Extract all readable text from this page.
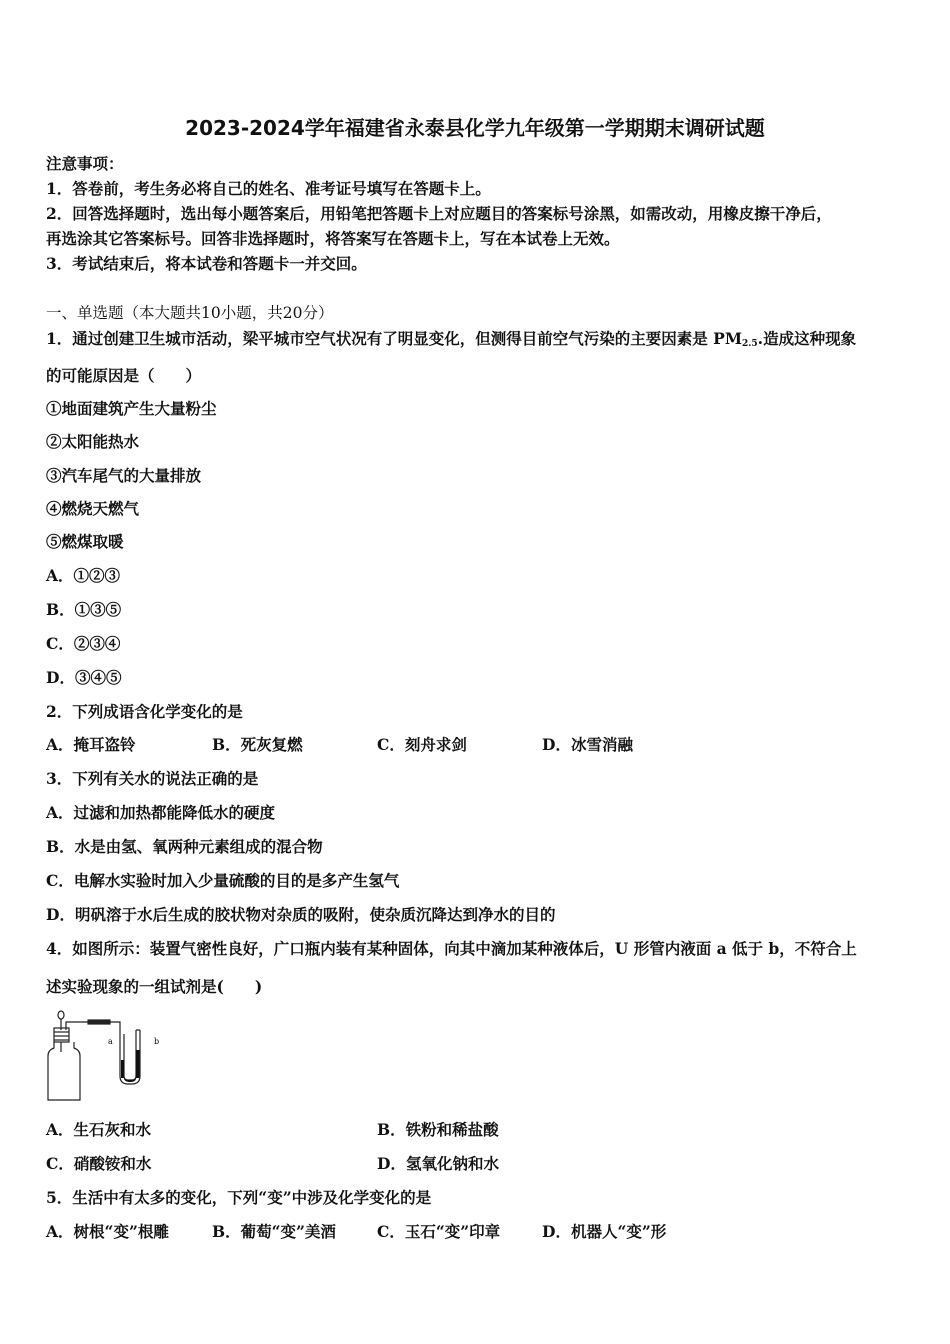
2023-2024学年福建省永泰县化学九年级第一学期期末调研试题
注意事项：
1．答卷前，考生务必将自己的姓名、准考证号填写在答题卡上。
2．回答选择题时，选出每小题答案后，用铅笔把答题卡上对应题目的答案标号涂黑，如需改动，用橡皮擦干净后，
再选涂其它答案标号。回答非选择题时，将答案写在答题卡上，写在本试卷上无效。
3．考试结束后，将本试卷和答题卡一并交回。
一、单选题（本大题共10小题，共20分）
1．通过创建卫生城市活动，梁平城市空气状况有了明显变化，但测得目前空气污染的主要因素是 $PM_{2.5}$.造成这种现象
的可能原因是（　　）
①地面建筑产生大量粉尘
②太阳能热水
③汽车尾气的大量排放
④燃烧天燃气
⑤燃煤取暖
A．①②③
B．①③⑤
C．②③④
D．③④⑤
2．下列成语含化学变化的是
A．掩耳盗铃	B．死灰复燃	C．刻舟求剑	D．冰雪消融
3．下列有关水的说法正确的是
A．过滤和加热都能降低水的硬度
B．水是由氢、氧两种元素组成的混合物
C．电解水实验时加入少量硫酸的目的是多产生氢气
D．明矾溶于水后生成的胶状物对杂质的吸附，使杂质沉降达到净水的目的
4．如图所示：装置气密性良好，广口瓶内装有某种固体，向其中滴加某种液体后，U 形管内液面 a 低于 b，不符合上
述实验现象的一组试剂是(　　)
a	b
A．生石灰和水	B．铁粉和稀盐酸
C．硝酸铵和水	D．氢氧化钠和水
5．生活中有太多的变化，下列“变”中涉及化学变化的是
A．树根“变”根雕	B．葡萄“变”美酒	C．玉石“变”印章	D．机器人“变”形
